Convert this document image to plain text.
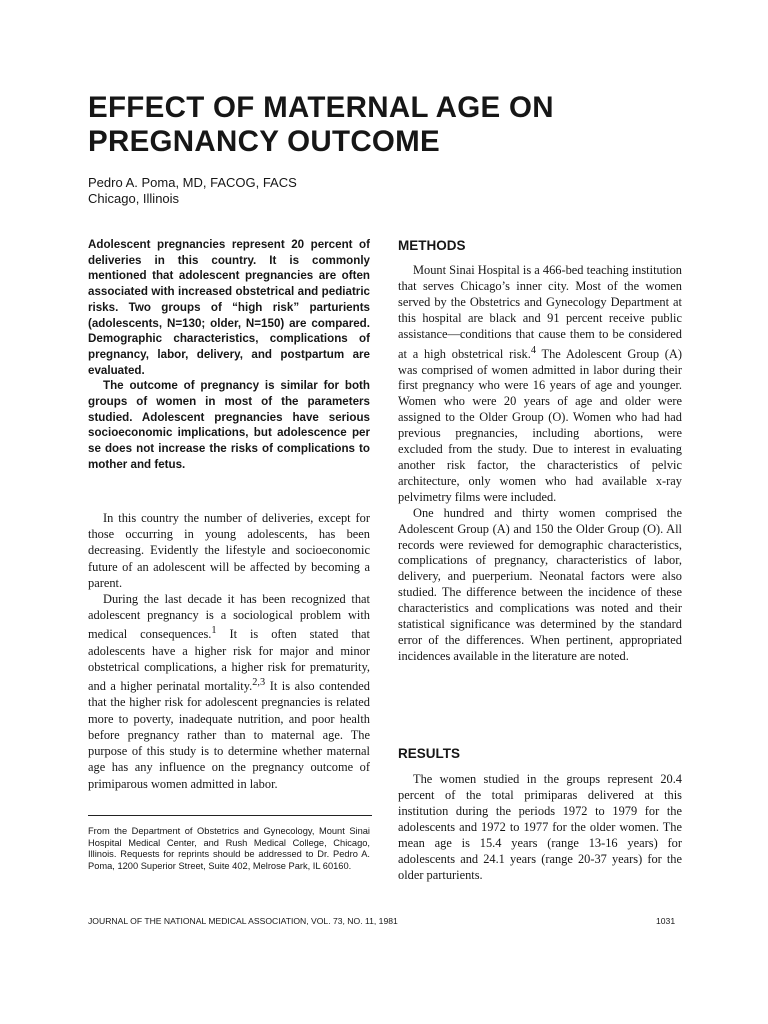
EFFECT OF MATERNAL AGE ON
PREGNANCY OUTCOME
Pedro A. Poma, MD, FACOG, FACS
Chicago, Illinois

Adolescent pregnancies represent 20 percent of deliveries in this country. It is commonly mentioned that adolescent pregnancies are often associated with increased obstetrical and pediatric risks. Two groups of “high risk” parturients (adolescents, N=130; older, N=150) are compared. Demographic characteristics, complications of pregnancy, labor, delivery, and postpartum are evaluated.

The outcome of pregnancy is similar for both groups of women in most of the parameters studied. Adolescent pregnancies have serious socioeconomic implications, but adolescence per se does not increase the risks of complications to mother and fetus.

In this country the number of deliveries, except for those occurring in young adolescents, has been decreasing. Evidently the lifestyle and socioeconomic future of an adolescent will be affected by becoming a parent.

During the last decade it has been recognized that adolescent pregnancy is a sociological problem with medical consequences.$^1$ It is often stated that adolescents have a higher risk for major and minor obstetrical complications, a higher risk for prematurity, and a higher perinatal mortality.$^{2,3}$ It is also contended that the higher risk for adolescent pregnancies is related more to poverty, inadequate nutrition, and poor health before pregnancy rather than to maternal age. The purpose of this study is to determine whether maternal age has any influence on the pregnancy outcome of primiparous women admitted in labor.

From the Department of Obstetrics and Gynecology, Mount Sinai Hospital Medical Center, and Rush Medical College, Chicago, Illinois. Requests for reprints should be addressed to Dr. Pedro A. Poma, 1200 Superior Street, Suite 402, Melrose Park, IL 60160.

METHODS

Mount Sinai Hospital is a 466-bed teaching institution that serves Chicago’s inner city. Most of the women served by the Obstetrics and Gynecology Department at this hospital are black and 91 percent receive public assistance—conditions that cause them to be considered at a high obstetrical risk.$^4$ The Adolescent Group (A) was comprised of women admitted in labor during their first pregnancy who were 16 years of age and younger. Women who were 20 years of age and older were assigned to the Older Group (O). Women who had had previous pregnancies, including abortions, were excluded from the study. Due to interest in evaluating another risk factor, the characteristics of pelvic architecture, only women who had available x-ray pelvimetry films were included.

One hundred and thirty women comprised the Adolescent Group (A) and 150 the Older Group (O). All records were reviewed for demographic characteristics, complications of pregnancy, characteristics of labor, delivery, and puerperium. Neonatal factors were also studied. The difference between the incidence of these characteristics and complications was noted and their statistical significance was determined by the standard error of the differences. When pertinent, appropriated incidences available in the literature are noted.

RESULTS

The women studied in the groups represent 20.4 percent of the total primiparas delivered at this institution during the periods 1972 to 1979 for the adolescents and 1972 to 1977 for the older women. The mean age is 15.4 years (range 13-16 years) for adolescents and 24.1 years (range 20-37 years) for the older parturients.

JOURNAL OF THE NATIONAL MEDICAL ASSOCIATION, VOL. 73, NO. 11, 1981	1031
